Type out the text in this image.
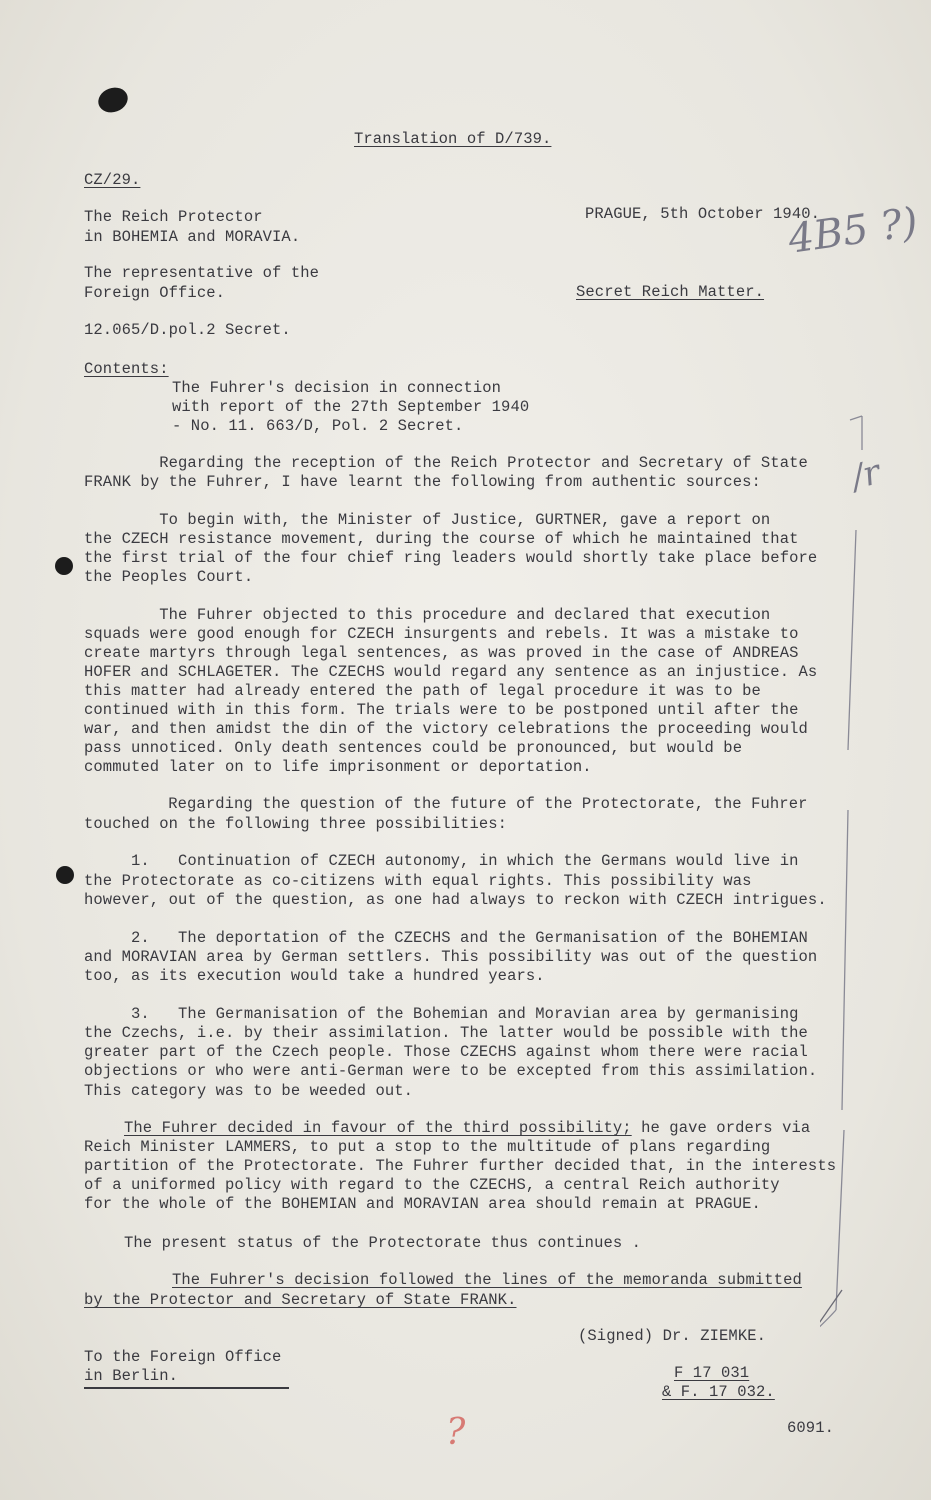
4B5 ?)
/r
?
Translation of D/739.
CZ/29.
The Reich Protector
in BOHEMIA and MORAVIA.
PRAGUE, 5th October 1940.
The representative of the
Foreign Office.	Secret Reich Matter.
12.065/D.pol.2 Secret.
Contents:
The Fuhrer's decision in connection
with report of the 27th September 1940
- No. 11. 663/D, Pol. 2 Secret.
Regarding the reception of the Reich Protector and Secretary of State
FRANK by the Fuhrer, I have learnt the following from authentic sources:
To begin with, the Minister of Justice, GURTNER, gave a report on
the CZECH resistance movement, during the course of which he maintained that
the first trial of the four chief ring leaders would shortly take place before
the Peoples Court.
The Fuhrer objected to this procedure and declared that execution
squads were good enough for CZECH insurgents and rebels. It was a mistake to
create martyrs through legal sentences, as was proved in the case of ANDREAS
HOFER and SCHLAGETER. The CZECHS would regard any sentence as an injustice. As
this matter had already entered the path of legal procedure it was to be
continued with in this form. The trials were to be postponed until after the
war, and then amidst the din of the victory celebrations the proceeding would
pass unnoticed. Only death sentences could be pronounced, but would be
commuted later on to life imprisonment or deportation.
Regarding the question of the future of the Protectorate, the Fuhrer
touched on the following three possibilities:
1.   Continuation of CZECH autonomy, in which the Germans would live in
the Protectorate as co-citizens with equal rights. This possibility was
however, out of the question, as one had always to reckon with CZECH intrigues.
2.   The deportation of the CZECHS and the Germanisation of the BOHEMIAN
and MORAVIAN area by German settlers. This possibility was out of the question
too, as its execution would take a hundred years.
3.   The Germanisation of the Bohemian and Moravian area by germanising
the Czechs, i.e. by their assimilation. The latter would be possible with the
greater part of the Czech people. Those CZECHS against whom there were racial
objections or who were anti-German were to be excepted from this assimilation.
This category was to be weeded out.
The Fuhrer decided in favour of the third possibility; he gave orders via
Reich Minister LAMMERS, to put a stop to the multitude of plans regarding
partition of the Protectorate. The Fuhrer further decided that, in the interests
of a uniformed policy with regard to the CZECHS, a central Reich authority
for the whole of the BOHEMIAN and MORAVIAN area should remain at PRAGUE.
The present status of the Protectorate thus continues .
The Fuhrer's decision followed the lines of the memoranda submitted
by the Protector and Secretary of State FRANK.
(Signed) Dr. ZIEMKE.
To the Foreign Office
in Berlin.	F 17 031
& F. 17 032.
6091.
